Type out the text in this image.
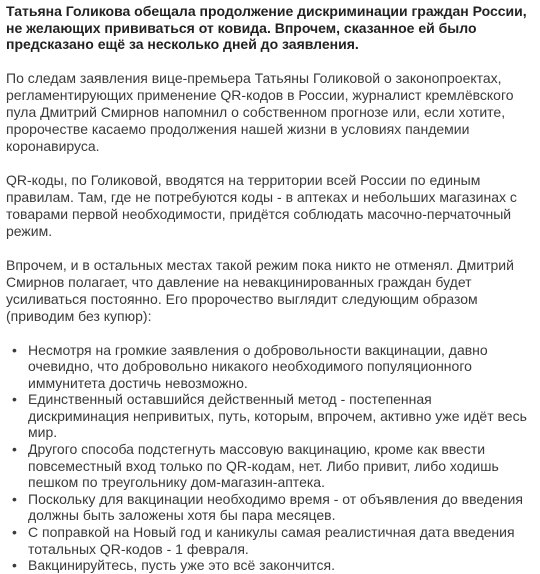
Татьяна Голикова обещала продолжение дискриминации граждан России, не желающих прививаться от ковида. Впрочем, сказанное ей было предсказано ещё за несколько дней до заявления.
По следам заявления вице-премьера Татьяны Голиковой о законопроектах, регламентирующих применение QR-кодов в России, журналист кремлёвского пула Дмитрий Смирнов напомнил о собственном прогнозе или, если хотите, пророчестве касаемо продолжения нашей жизни в условиях пандемии коронавируса.
QR-коды, по Голиковой, вводятся на территории всей России по единым правилам. Там, где не потребуются коды - в аптеках и небольших магазинах с товарами первой необходимости, придётся соблюдать масочно-перчаточный режим.
Впрочем, и в остальных местах такой режим пока никто не отменял. Дмитрий Смирнов полагает, что давление на невакцинированных граждан будет усиливаться постоянно. Его пророчество выглядит следующим образом (приводим без купюр):
• Несмотря на громкие заявления о добровольности вакцинации, давно очевидно, что добровольно никакого необходимого популяционного иммунитета достичь невозможно.
• Единственный оставшийся действенный метод - постепенная дискриминация непривитых, путь, которым, впрочем, активно уже идёт весь мир.
• Другого способа подстегнуть массовую вакцинацию, кроме как ввести повсеместный вход только по QR-кодам, нет. Либо привит, либо ходишь пешком по треугольнику дом-магазин-аптека.
• Поскольку для вакцинации необходимо время - от объявления до введения должны быть заложены хотя бы пара месяцев.
• С поправкой на Новый год и каникулы самая реалистичная дата введения тотальных QR-кодов - 1 февраля.
• Вакцинируйтесь, пусть уже это всё закончится.
